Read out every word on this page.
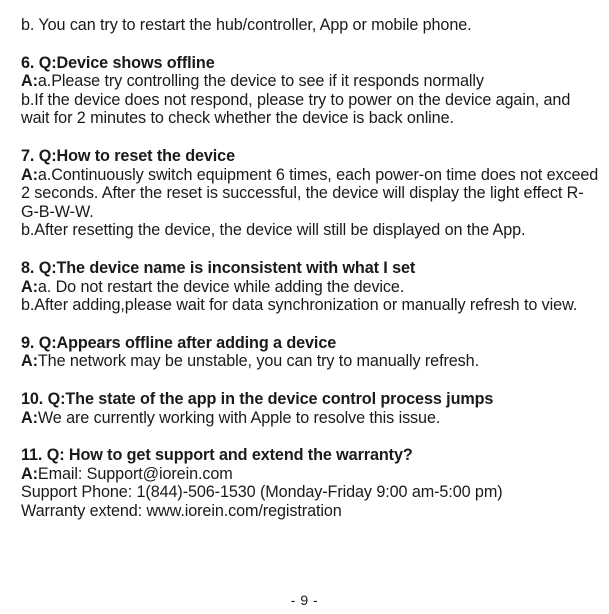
b. You can try to restart the hub/controller, App or mobile phone.

6. Q:Device shows offline

A:a.Please try controlling the device to see if it responds normally

b.If the device does not respond, please try to power on the device again, and wait for 2 minutes to check whether the device is back online.

7. Q:How to reset the device

A:a.Continuously switch equipment 6 times, each power-on time does not exceed 2 seconds. After the reset is successful, the device will display the light effect R-G-B-W-W.

b.After resetting the device, the device will still be displayed on the App.

8. Q:The device name is inconsistent with what I set

A:a. Do not restart the device while adding the device.

b.After adding,please wait for data synchronization or manually refresh to view.

9. Q:Appears offline after adding a device

A:The network may be unstable, you can try to manually refresh.

10. Q:The state of the app in the device control process jumps

A:We are currently working with Apple to resolve this issue.

11. Q: How to get support and extend the warranty?

A:Email: Support@iorein.com

Support Phone: 1(844)-506-1530 (Monday-Friday 9:00 am-5:00 pm)
Warranty extend: www.iorein.com/registration

- 9 -
